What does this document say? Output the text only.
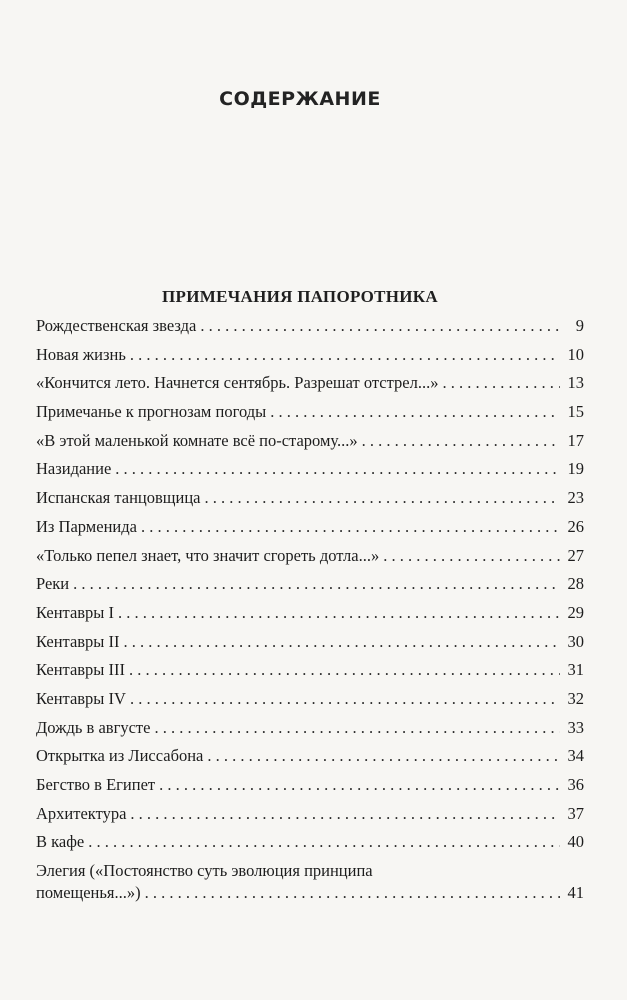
СОДЕРЖАНИЕ
ПРИМЕЧАНИЯ ПАПОРОТНИКА
Рождественская звезда . . .	9
Новая жизнь . . .	10
«Кончится лето. Начнется сентябрь. Разрешат отстрел...» . . .	13
Примечанье к прогнозам погоды . . .	15
«В этой маленькой комнате всё по-старому...» . . .	17
Назидание . . .	19
Испанская танцовщица . . .	23
Из Парменида . . .	26
«Только пепел знает, что значит сгореть дотла...» . . .	27
Реки . . .	28
Кентавры I . . .	29
Кентавры II . . .	30
Кентавры III . . .	31
Кентавры IV . . .	32
Дождь в августе . . .	33
Открытка из Лиссабона . . .	34
Бегство в Египет . . .	36
Архитектура . . .	37
В кафе . . .	40
Элегия («Постоянство суть эволюция принципа
помещенья...») . . .	41
